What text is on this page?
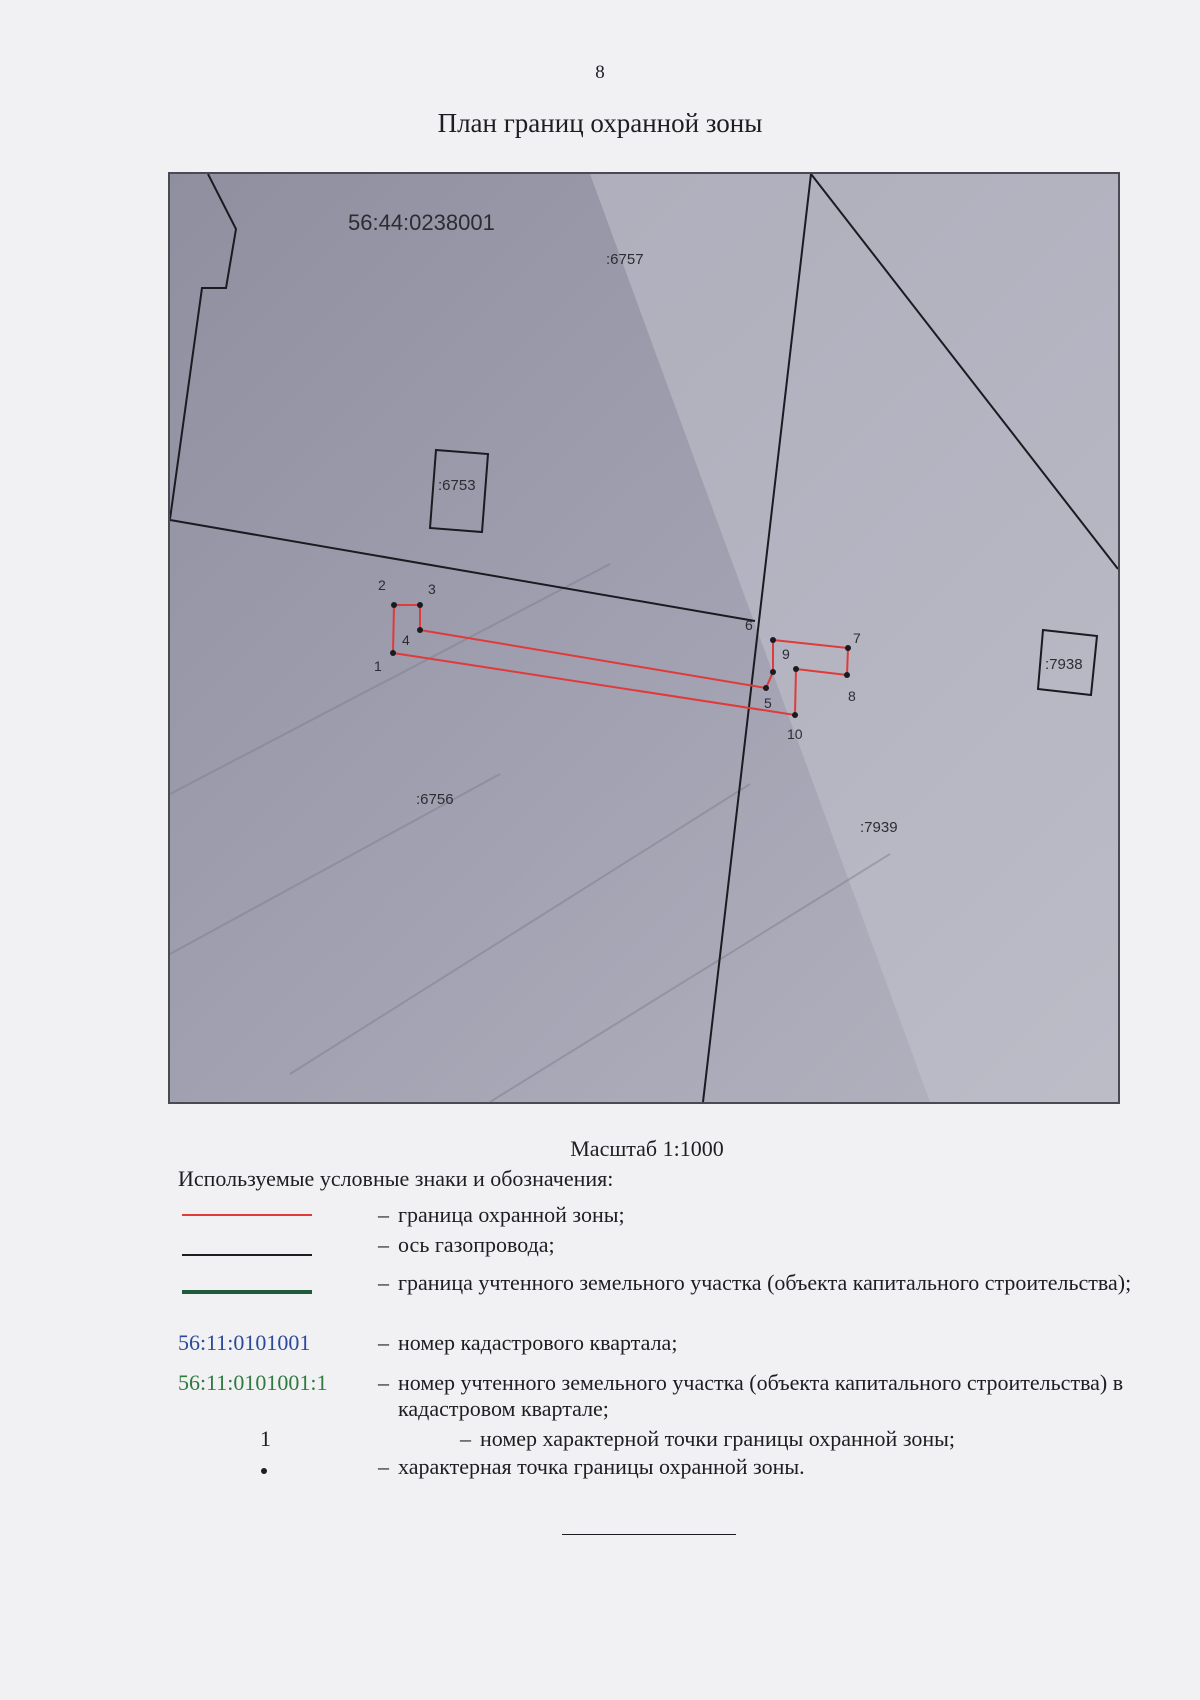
8
План границ охранной зоны
56:44:0238001
:6757
:6753
:6756
:7938
:7939
1
2	3
4
5
6
7
8
9
10
Масштаб 1:1000
Используемые условные знаки и обозначения:
– граница охранной зоны;
– ось газопровода;
– граница учтенного земельного участка (объекта капитального строительства);
56:11:0101001	– номер кадастрового квартала;
56:11:0101001:1	– номер учтенного земельного участка (объекта капитального строительства) в кадастровом квартале;
1	– номер характерной точки границы охранной зоны;
– характерная точка границы охранной зоны.
